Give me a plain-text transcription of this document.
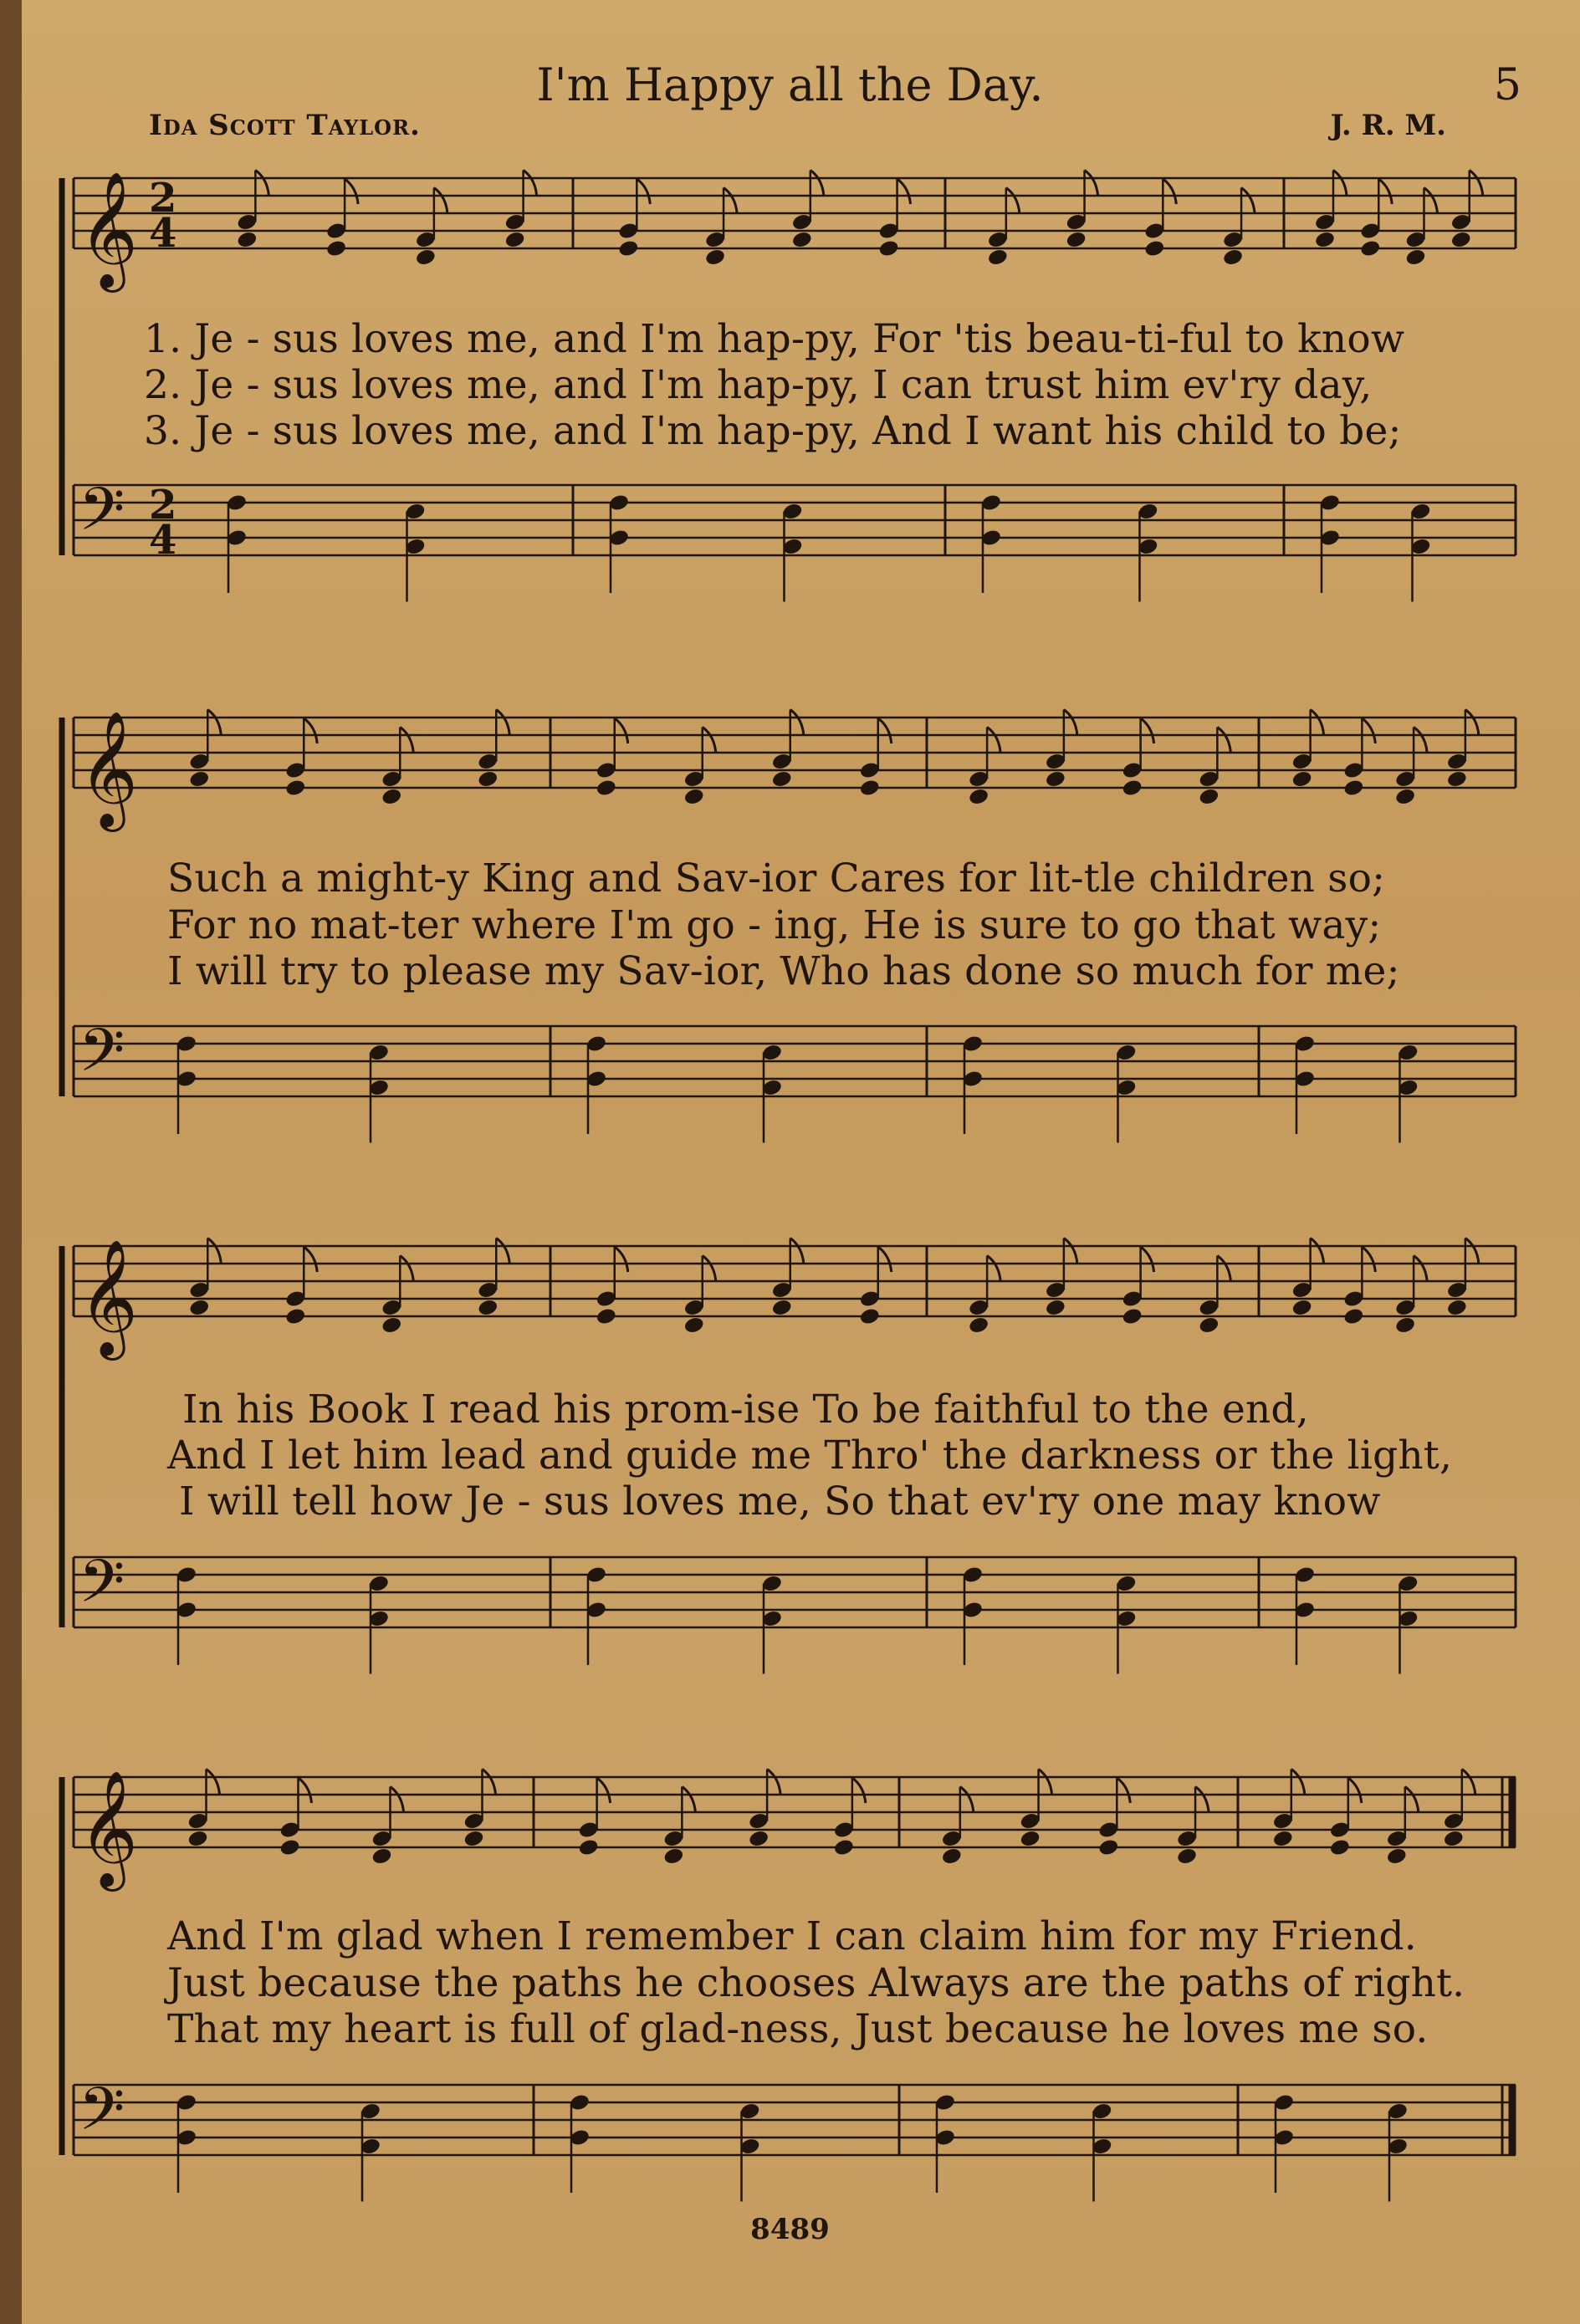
I'm Happy all the Day.	5
Ida Scott Taylor.	J. R. M.
𝄞 2
4
𝄢 2
4
𝄞
𝄢
𝄞
𝄢
𝄞
𝄢
1. Je - sus loves me, and I'm hap-py, For 'tis beau-ti-ful to know
2. Je - sus loves me, and I'm hap-py, I can trust him ev'ry day,
3. Je - sus loves me, and I'm hap-py, And I want his child to be;
Such a might-y King and Sav-ior Cares for lit-tle children so;
For no mat-ter where I'm go - ing, He is sure to go that way;
I will try to please my Sav-ior, Who has done so much for me;
In his Book I read his prom-ise To be faithful to the end,
And I let him lead and guide me Thro' the darkness or the light,
I will tell how Je - sus loves me, So that ev'ry one may know
And I'm glad when I remember I can claim him for my Friend.
Just because the paths he chooses Always are the paths of right.
That my heart is full of glad-ness, Just because he loves me so.
8489
